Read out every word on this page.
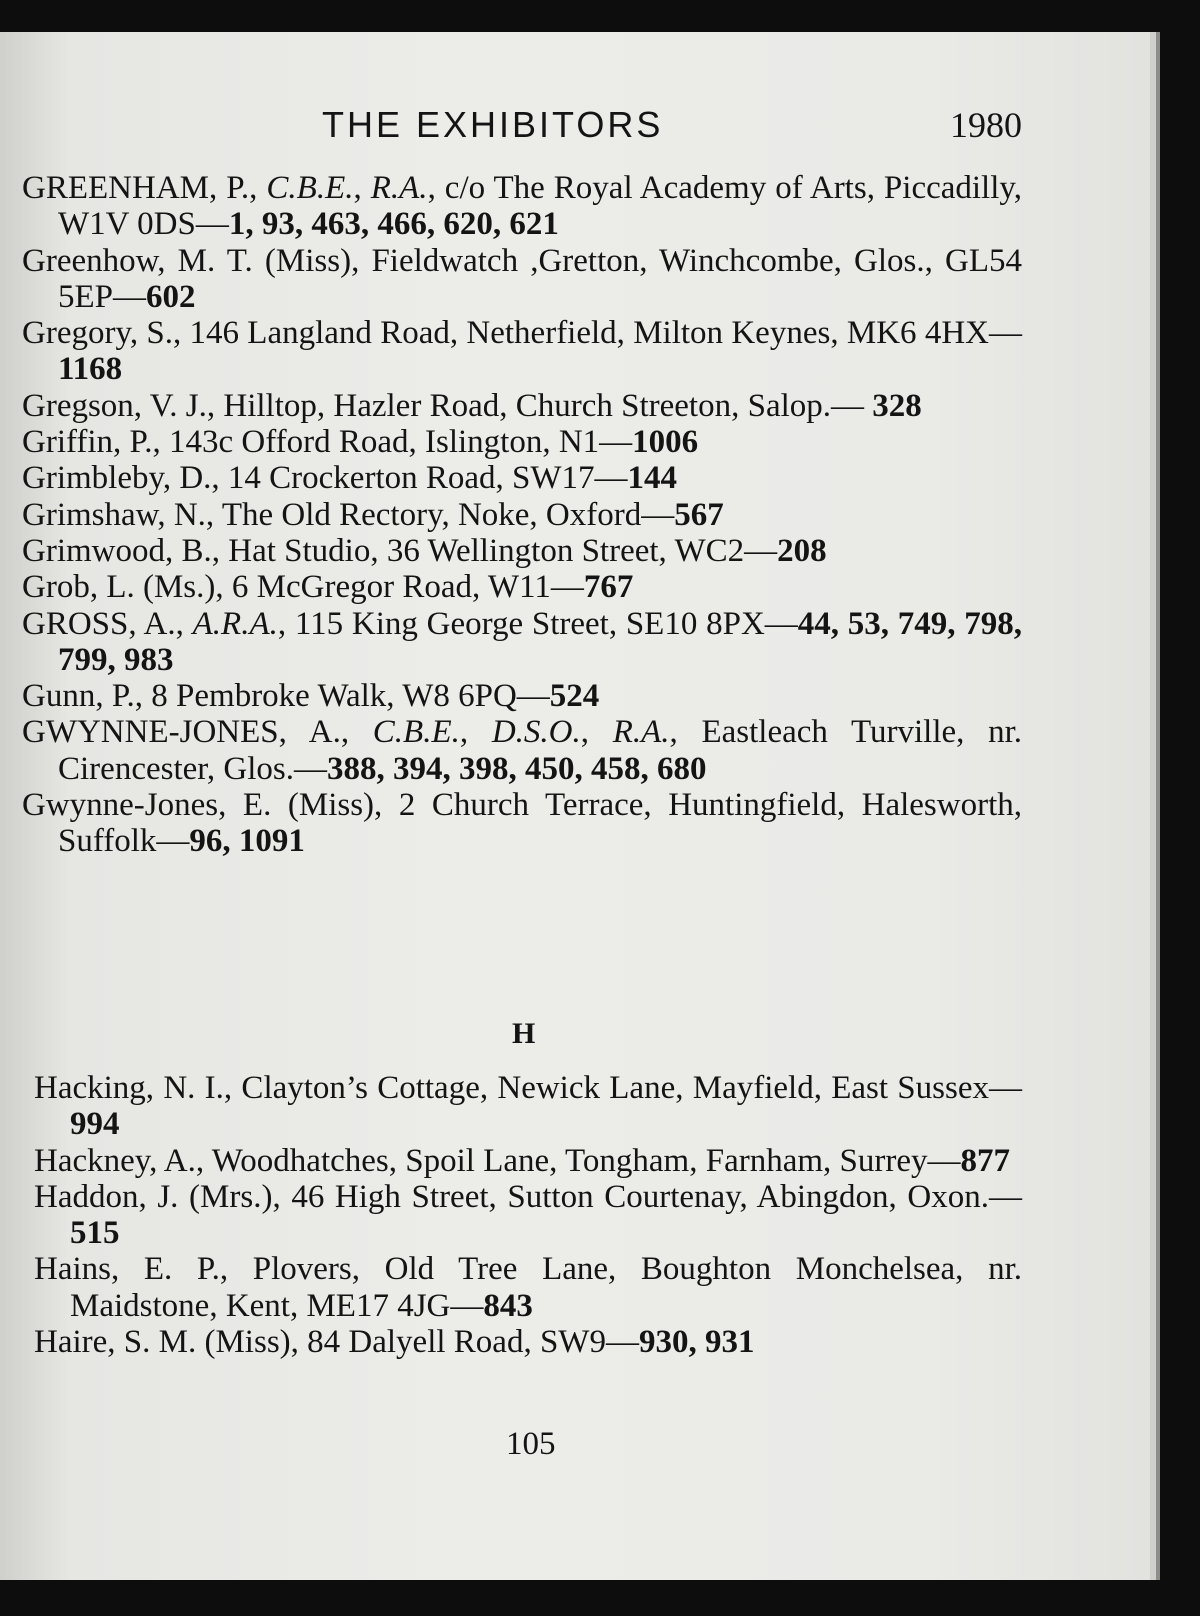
THE EXHIBITORS	1980
GREENHAM, P., C.B.E., R.A., c/o The Royal Academy of Arts, Piccadilly, W1V 0DS—1, 93, 463, 466, 620, 621
Greenhow, M. T. (Miss), Fieldwatch ,Gretton, Winchcombe, Glos., GL54 5EP—602
Gregory, S., 146 Langland Road, Netherfield, Milton Keynes, MK6 4HX—1168
Gregson, V. J., Hilltop, Hazler Road, Church Streeton, Salop.— 328
Griffin, P., 143c Offord Road, Islington, N1—1006
Grimbleby, D., 14 Crockerton Road, SW17—144
Grimshaw, N., The Old Rectory, Noke, Oxford—567
Grimwood, B., Hat Studio, 36 Wellington Street, WC2—208
Grob, L. (Ms.), 6 McGregor Road, W11—767
GROSS, A., A.R.A., 115 King George Street, SE10 8PX—44, 53, 749, 798, 799, 983
Gunn, P., 8 Pembroke Walk, W8 6PQ—524
GWYNNE-JONES, A., C.B.E., D.S.O., R.A., Eastleach Turville, nr. Cirencester, Glos.—388, 394, 398, 450, 458, 680
Gwynne-Jones, E. (Miss), 2 Church Terrace, Huntingfield, Halesworth, Suffolk—96, 1091
H
Hacking, N. I., Clayton’s Cottage, Newick Lane, Mayfield, East Sussex—994
Hackney, A., Woodhatches, Spoil Lane, Tongham, Farnham, Surrey—877
Haddon, J. (Mrs.), 46 High Street, Sutton Courtenay, Abingdon, Oxon.—515
Hains, E. P., Plovers, Old Tree Lane, Boughton Monchelsea, nr. Maidstone, Kent, ME17 4JG—843
Haire, S. M. (Miss), 84 Dalyell Road, SW9—930, 931
105
